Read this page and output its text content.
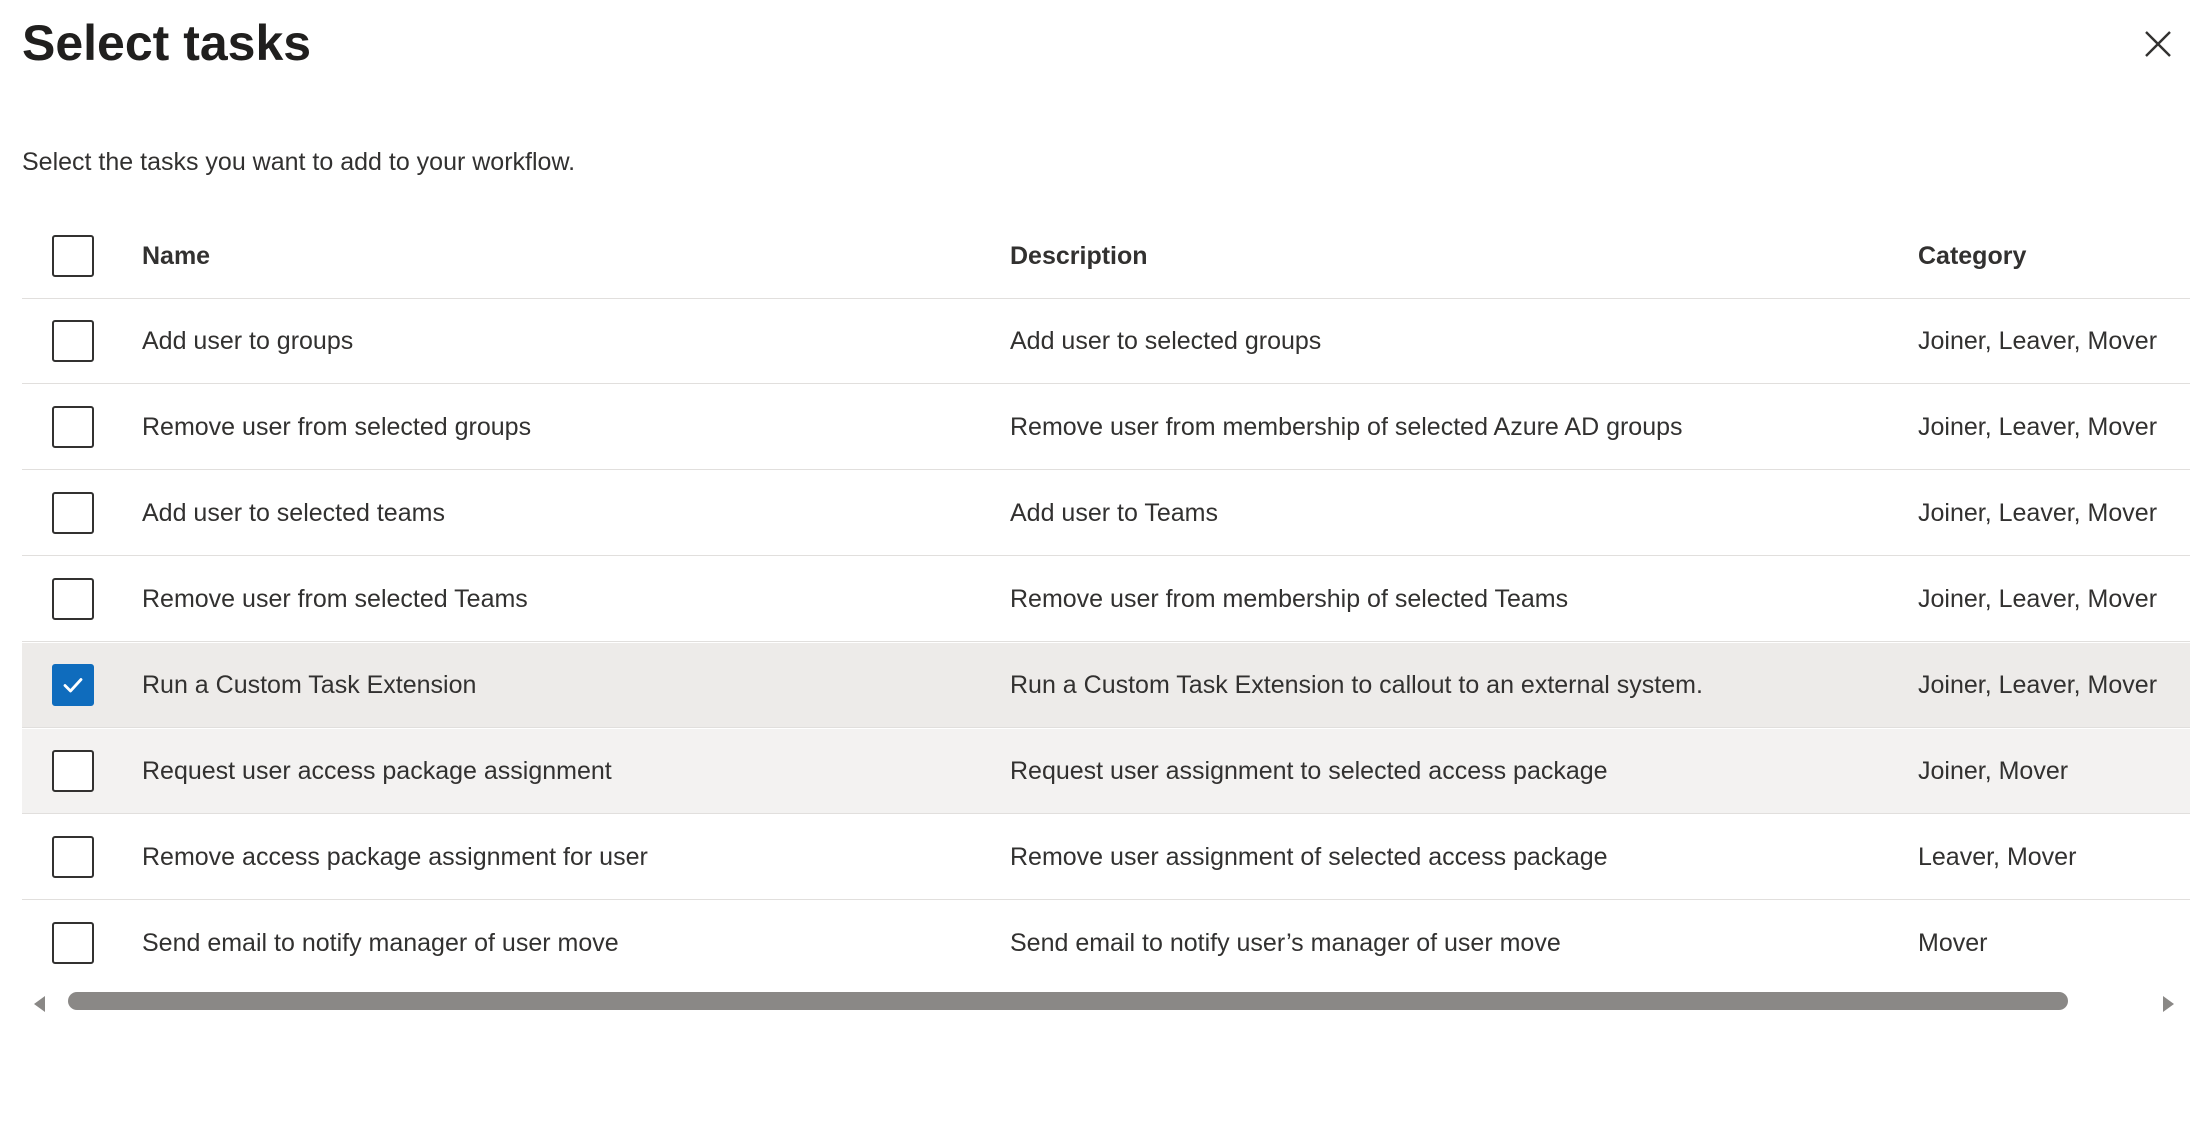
Select tasks
Select the tasks you want to add to your workflow.
Name	Description	Category
Add user to groups	Add user to selected groups	Joiner, Leaver, Mover
Remove user from selected groups	Remove user from membership of selected Azure AD groups	Joiner, Leaver, Mover
Add user to selected teams	Add user to Teams	Joiner, Leaver, Mover
Remove user from selected Teams	Remove user from membership of selected Teams	Joiner, Leaver, Mover
Run a Custom Task Extension	Run a Custom Task Extension to callout to an external system.	Joiner, Leaver, Mover
Request user access package assignment	Request user assignment to selected access package	Joiner, Mover
Remove access package assignment for user	Remove user assignment of selected access package	Leaver, Mover
Send email to notify manager of user move	Send email to notify user’s manager of user move	Mover
